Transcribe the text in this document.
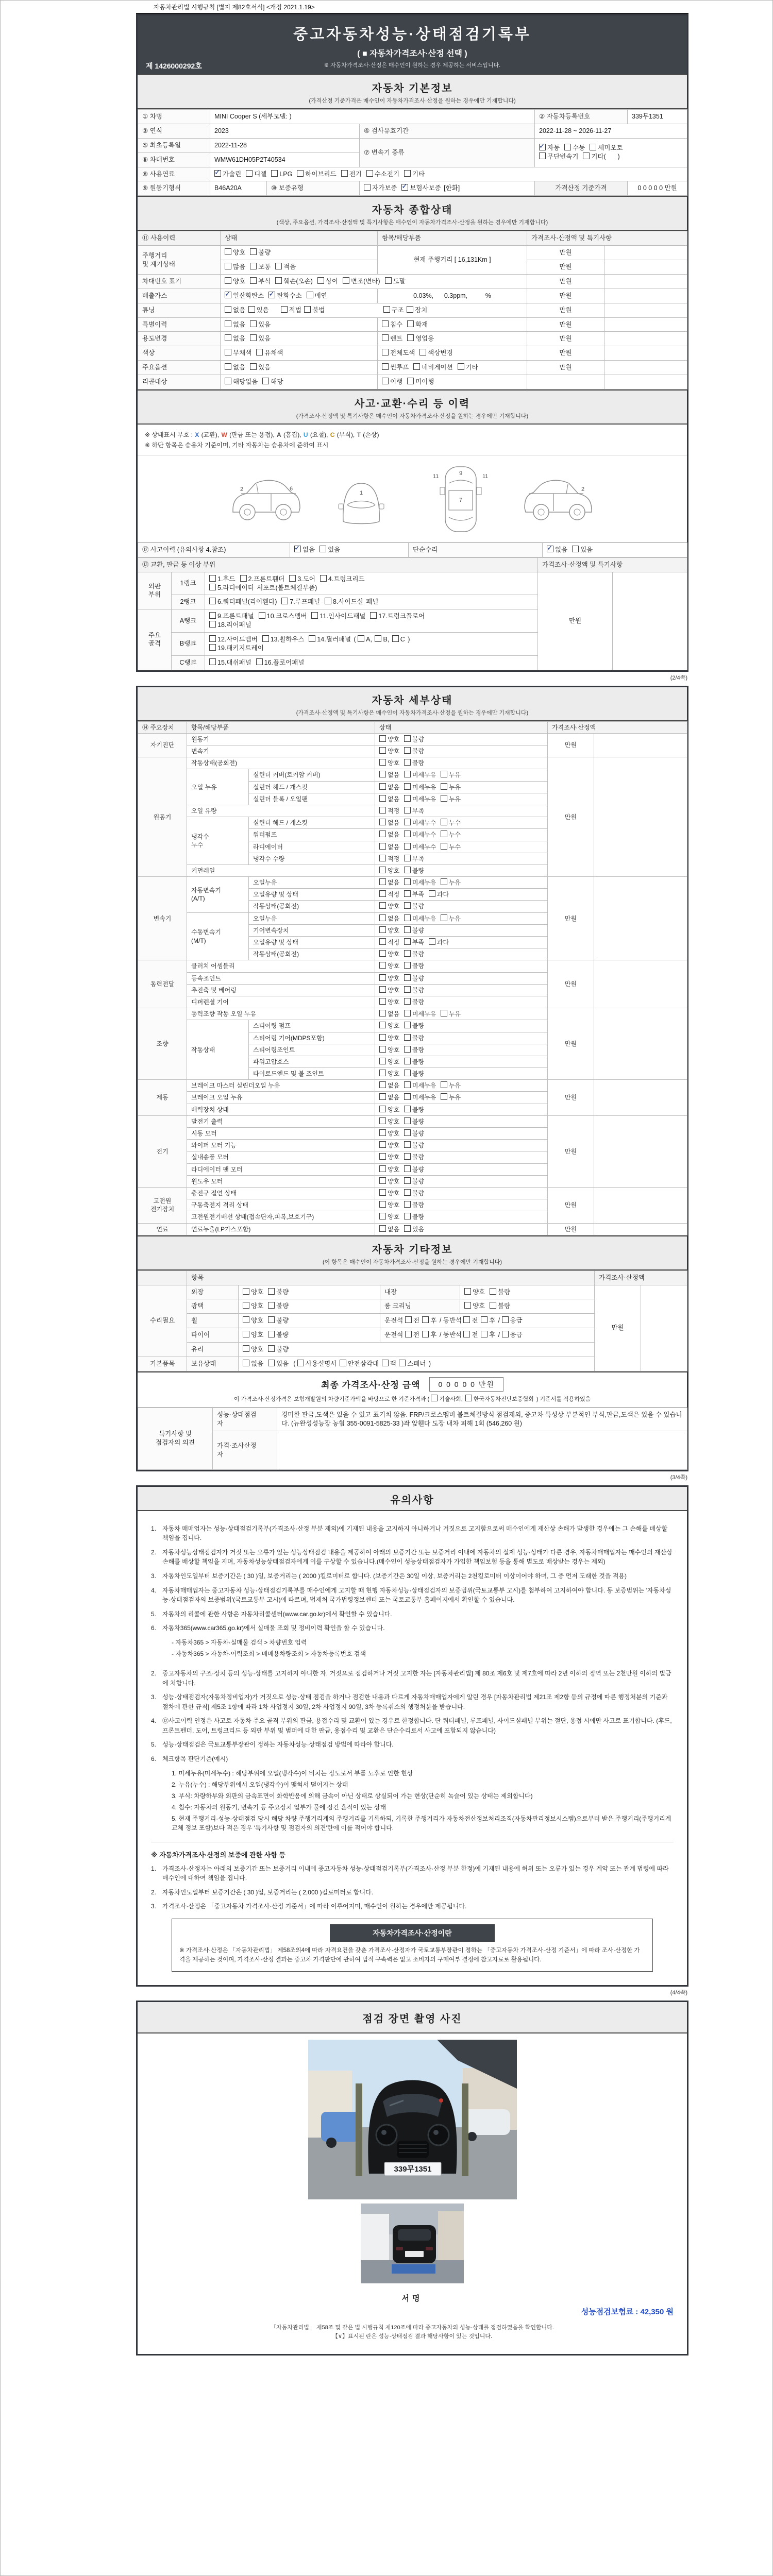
자동차관리법 시행규칙 [별지 제82호서식] <개정 2021.1.19>
중고자동차성능·상태점검기록부
( ■ 자동차가격조사·산정 선택 )
※ 자동차가격조사·산정은 매수인이 원하는 경우 제공하는 서비스입니다.
제 1426000292호
자동차 기본정보
(가격산정 기준가격은 매수인이 자동차가격조사·산정을 원하는 경우에만 기재합니다)
① 차명	MINI Cooper S (세부모델: )			② 자동차등록번호	339무1351
③ 연식	2023		④ 검사유효기간	2022-11-28 ~ 2026-11-27	
⑤ 최초등록일	2022-11-28		⑦ 변속기 종류	✓ 자동 수동 세미오토
무단변속기 기타(      )	
⑥ 차대번호	WMW61DH05P2T40534				
⑧ 사용연료	✓ 가솔린 디젤 LPG 하이브리드 전기 수소전기 기타				
⑨ 원동기형식	B46A20A	⑩ 보증유형	자가보증 ✓ 보험사보증 [한화]	가격산정 기준가격	0 0 0 0 0 만원
자동차 종합상태
(색상, 주요옵션, 가격조사·산정액 및 특기사항은 매수인이 자동차가격조사·산정을 원하는 경우에만 기재합니다)
⑪ 사용이력	상태	항목/해당부품	가격조사·산정액 및 특기사항	
주행거리
및 계기상태	양호 불량	현재 주행거리 [ 16,131Km ]	만원	
	많음 보통 적음		만원	
차대번호 표기	양호 부식 훼손(오손) 상이 변조(변타) 도말		만원	
배출가스	✓ 일산화탄소 ✓ 탄화수소 매연	0.03%,      0.3ppm,          %	만원	
튜닝	없음 있음 적법 불법 구조 장치		만원	
특별이력	없음 있음	침수 화재	만원	
용도변경	없음 있음	렌트 영업용	만원	
색상	무채색 유채색	전체도색 색상변경	만원	
주요옵션	없음 있음	썬루프 네비게이션 기타	만원	
리콜대상	해당없음 해당	이행 미이행		
사고·교환·수리 등 이력
(가격조사·산정액 및 특기사항은 매수인이 자동차가격조사·산정을 원하는 경우에만 기재합니다)
※ 상태표시 부호 : X (교환), W (판금 또는 용접), A (흠집), U (요철), C (부식), T (손상)
※ 하단 항목은 승용차 기준이며, 기타 자동차는 승용차에 준하여 표시
2	6
1
11	9	11
7
2
⑫ 사고이력 (유의사항 4.참조)	✓ 없음 있음	단순수리	✓ 없음 있음
⑬ 교환, 판금 등 이상 부위			가격조사·산정액 및 특기사항	
외판
부위	1랭크	1.후드 2.프론트휀더 3.도어 4.트렁크리드
5.라디에이터 서포트(볼트체결부품)	만원	
	2랭크	6.쿼터패널(리어휀다) 7.루프패널 8.사이드실 패널		
주요
골격	A랭크	9.프론트패널 10.크로스멤버 11.인사이드패널 17.트렁크플로어
18.리어패널		
	B랭크	12.사이드멤버 13.휠하우스 14.필러패널 ( A, B, C )
19.패키지트레이		
	C랭크	15.대쉬패널 16.플로어패널		
(2/4쪽)
자동차 세부상태
(가격조사·산정액 및 특기사항은 매수인이 자동차가격조사·산정을 원하는 경우에만 기재합니다)
⑭ 주요장치	항목/해당부품		상태	가격조사·산정액	
자기진단	원동기		양호 불량	만원	
	변속기		양호 불량		
원동기	작동상태(공회전)		양호 불량	만원	
	오일 누유	실린더 커버(로커암 커버)	없음 미세누유 누유		
		실린더 헤드 / 개스킷	없음 미세누유 누유		
		실린더 블록 / 오일팬	없음 미세누유 누유		
	오일 유량		적정 부족		
	냉각수
누수	실린더 헤드 / 개스킷	없음 미세누수 누수		
		워터펌프	없음 미세누수 누수		
		라디에이터	없음 미세누수 누수		
		냉각수 수량	적정 부족		
	커먼레일		양호 불량		
변속기	자동변속기
(A/T)	오일누유	없음 미세누유 누유	만원	
		오일유량 및 상태	적정 부족 과다		
		작동상태(공회전)	양호 불량		
	수동변속기
(M/T)	오일누유	없음 미세누유 누유		
		기어변속장치	양호 불량		
		오일유량 및 상태	적정 부족 과다		
		작동상태(공회전)	양호 불량		
동력전달	클러치 어셈블리		양호 불량	만원	
	등속조인트		양호 불량		
	추진축 및 베어링		양호 불량		
	디퍼렌셜 기어		양호 불량		
조향	동력조향 작동 오일 누유		없음 미세누유 누유	만원	
	작동상태	스티어링 펌프	양호 불량		
		스티어링 기어(MDPS포함)	양호 불량		
		스티어링조인트	양호 불량		
		파워고압호스	양호 불량		
		타이로드엔드 및 볼 조인트	양호 불량		
제동	브레이크 마스터 실린더오일 누유		없음 미세누유 누유	만원	
	브레이크 오일 누유		없음 미세누유 누유		
	배력장치 상태		양호 불량		
전기	발전기 출력		양호 불량	만원	
	시동 모터		양호 불량		
	와이퍼 모터 기능		양호 불량		
	실내송풍 모터		양호 불량		
	라디에이터 팬 모터		양호 불량		
	윈도우 모터		양호 불량		
고전원
전기장치	충전구 절연 상태		양호 불량	만원	
	구동축전지 격리 상태		양호 불량		
	고전원전기배선 상태(접속단자,피복,보호기구)		양호 불량		
연료	연료누출(LP가스포함)		없음 있음	만원	
자동차 기타정보
(이 항목은 매수인이 자동차가격조사·산정을 원하는 경우에만 기재합니다)
	항목				가격조사·산정액	
수리필요	외장	양호 불량	내장	양호 불량	만원	
	광택	양호 불량	룸 크리닝	양호 불량		
	휠	양호 불량	운전석 전 후 / 동반석 전 후 / 응급			
	타이어	양호 불량	운전석 전 후 / 동반석 전 후 / 응급			
	유리	양호 불량				
기본품목	보유상태	없음 있음  ( 사용설명서 안전삼각대 잭 스패너 )				
최종 가격조사·산정 금액	0 0 0 0 0 만원
이 가격조사·산정가격은 보험개발원의 차량기준가액을 바탕으로 한 기준가격과 ( 기술사회, 한국자동차진단보증협회 ) 기준서를 적용하였음
특기사항 및
점검자의 의견	성능·상태점검
자	경미한 판금,도색은 있을 수 있고 표기치 않음. FRP/크로스멤버 볼트체결방식 점검제외, 중고차 특성상 부분적인 부식,판금,도색은 있을 수 있습니다. (뉴완성성능장 농협 355-0091-5825-33 )좌 앞휀다 도장 내차 피해 1회 (546,260 원)
	가격·조사산정
자	
(3/4쪽)
유의사항
1. 자동차 매매업자는 성능·상태점검기록부(가격조사·산정 부분 제외)에 기재된 내용을 고지하지 아니하거나 거짓으로 고지함으로써 매수인에게 재산상 손해가 발생한 경우에는 그 손해를 배상할 책임을 집니다.
2. 자동차성능상태점검자가 거짓 또는 오류가 있는 성능상태점검 내용을 제공하여 아래의 보증기간 또는 보증거리 이내에 자동차의 실제 성능·상태가 다른 경우, 자동차매매업자는 매수인의 재산상 손해를 배상할 책임을 지며, 자동차성능상태점검자에게 이를 구상할 수 있습니다.(매수인이 성능상태점검자가 가입한 책임보험 등을 통해 별도로 배상받는 경우는 제외)
3. 자동차인도일부터 보증기간은 ( 30 )일, 보증거리는 ( 2000 )킬로미터로 합니다. (보증기간은 30일 이상, 보증거리는 2천킬로미터 이상이어야 하며, 그 중 먼저 도래한 것을 적용)
4. 자동차매매업자는 중고자동차 성능·상태점검기록부를 매수인에게 고지할 때 현행 자동차성능·상태점검자의 보증범위(국토교통부 고시)를 첨부하여 고지하여야 합니다. 동 보증범위는 '자동차성능·상태점검자의 보증범위'(국토교통부 고시)에 따르며, 법제처 국가법령정보센터 또는 국토교통부 홈페이지에서 확인할 수 있습니다.
5. 자동차의 리콜에 관한 사항은 자동차리콜센터(www.car.go.kr)에서 확인할 수 있습니다.
6. 자동차365(www.car365.go.kr)에서 실매물 조회 및 정비이력 확인을 할 수 있습니다.
- 자동차365 > 자동차·실매물 검색 > 차량번호 입력
- 자동차365 > 자동차·이력조회 > 매매용차량조회 > 자동차등록번호 검색
2. 중고자동차의 구조·장치 등의 성능·상태를 고지하지 아니한 자, 거짓으로 점검하거나 거짓 고지한 자는 [자동차관리법] 제 80조 제6호 및 제7호에 따라 2년 이하의 징역 또는 2천만원 이하의 벌금에 처합니다.
3. 성능·상태점검자(자동차정비업자)가 거짓으로 성능·상태 점검을 하거나 점검한 내용과 다르게 자동차매매업자에게 알린 경우 [자동차관리법 제21조 제2항 등의 규정에 따른 행정처분의 기준과 절차에 관한 규칙] 제5조 1항에 따라 1차 사업정지 30일, 2차 사업정지 90일, 3차 등록취소의 행정처분을 받습니다.
4. ⑫사고이력 인정은 사고로 자동차 주요 골격 부위의 판금, 용접수리 및 교환이 있는 경우로 한정합니다. 단 쿼터패널, 루프패널, 사이드실패널 부위는 절단, 용접 시에만 사고로 표기합니다. (후드, 프론트펜더, 도어, 트렁크리드 등 외판 부위 및 범퍼에 대한 판금, 용접수리 및 교환은 단순수리로서 사고에 포함되지 않습니다)
5. 성능·상태점검은 국토교통부장관이 정하는 자동차성능·상태점검 방법에 따라야 합니다.
6. 체크항목 판단기준(예시)
1. 미세누유(미세누수) : 해당부위에 오일(냉각수)이 비치는 정도로서 부품 노후로 인한 현상
2. 누유(누수) : 해당부위에서 오일(냉각수)이 맺혀서 떨어지는 상태
3. 부식: 차량하부와 외판의 금속표면이 화학반응에 의해 금속이 아닌 상태로 상실되어 가는 현상(단순히 녹슬어 있는 상태는 제외합니다)
4. 침수: 자동차의 원동기, 변속기 등 주요장치 일부가 물에 잠긴 흔적이 있는 상태
5. 현재 주행거리·성능·상태점검 당시 해당 차량 주행거리계의 주행거리를 기록하되, 기록한 주행거리가 자동차전산정보처리조직(자동차관리정보시스템)으로부터 받은 주행거리(주행거리계 교체 정보 포함)보다 적은 경우 '특기사항 및 점검자의 의견'란에 이를 적어야 합니다.
※ 자동차가격조사·산정의 보증에 관한 사항 등
1. 가격조사·산정자는 아래의 보증기간 또는 보증거리 이내에 중고자동차 성능·상태점검기록부(가격조사·산정 부분 한정)에 기재된 내용에 허위 또는 오류가 있는 경우 계약 또는 관계 법령에 따라 매수인에 대하여 책임을 집니다.
2. 자동차인도일부터 보증기간은 ( 30 )일, 보증거리는 ( 2,000 )킬로미터로 합니다.
3. 가격조사·산정은 「중고자동차 가격조사·산정 기준서」에 따라 이루어지며, 매수인이 원하는 경우에만 제공됩니다.
자동차가격조사·산정이란
※ 가격조사·산정은 「자동차관리법」 제58조의4에 따라 자격요건을 갖춘 가격조사·산정자가 국토교통부장관이 정하는 「중고자동차 가격조사·산정 기준서」에 따라 조사·산정한 가격을 제공하는 것이며, 가격조사·산정 결과는 중고차 가격판단에 관하여 법적 구속력은 없고 소비자의 구매여부 결정에 참고자료로 활용됩니다.
(4/4쪽)
점검 장면 촬영 사진
339무1351
서명
성능점검보험료 : 42,350 원
「자동차관리법」 제58조 및 같은 법 시행규칙 제120조에 따라 중고자동차의 성능·상태를 점검하였음을 확인합니다.
【∨】표시된 란은 성능·상태점검 결과 해당사항이 있는 것입니다.
